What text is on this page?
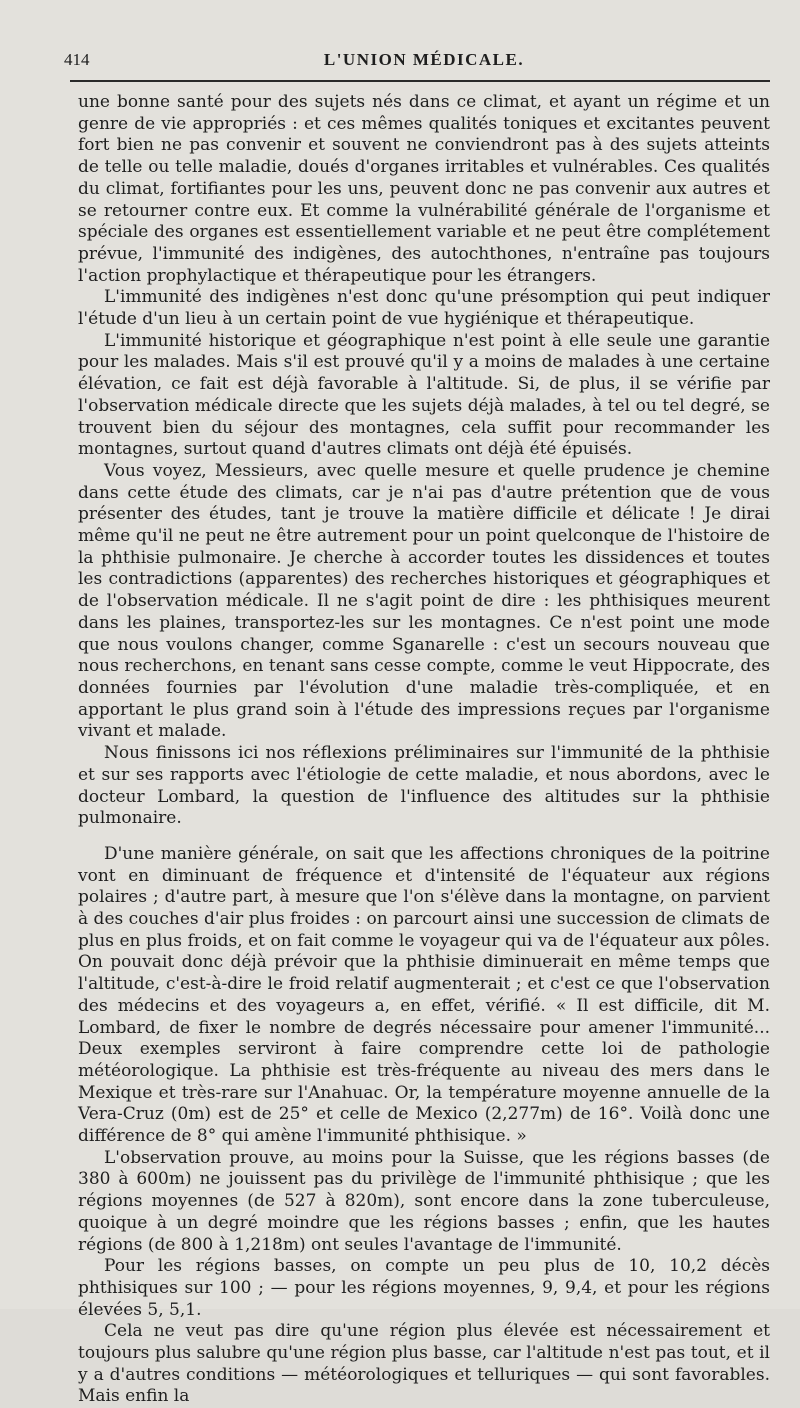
414	L'UNION MÉDICALE.

une bonne santé pour des sujets nés dans ce climat, et ayant un régime et un genre de vie appropriés : et ces mêmes qualités toniques et excitantes peuvent fort bien ne pas convenir et souvent ne conviendront pas à des sujets atteints de telle ou telle maladie, doués d'organes irritables et vulnérables. Ces qualités du climat, fortifiantes pour les uns, peuvent donc ne pas convenir aux autres et se retourner contre eux. Et comme la vulnérabilité générale de l'organisme et spéciale des organes est essentiellement variable et ne peut être complétement prévue, l'immunité des indigènes, des autochthones, n'entraîne pas toujours l'action prophylactique et thérapeutique pour les étrangers.

L'immunité des indigènes n'est donc qu'une présomption qui peut indiquer l'étude d'un lieu à un certain point de vue hygiénique et thérapeutique.

L'immunité historique et géographique n'est point à elle seule une garantie pour les malades. Mais s'il est prouvé qu'il y a moins de malades à une certaine élévation, ce fait est déjà favorable à l'altitude. Si, de plus, il se vérifie par l'observation médicale directe que les sujets déjà malades, à tel ou tel degré, se trouvent bien du séjour des montagnes, cela suffit pour recommander les montagnes, surtout quand d'autres climats ont déjà été épuisés.

Vous voyez, Messieurs, avec quelle mesure et quelle prudence je chemine dans cette étude des climats, car je n'ai pas d'autre prétention que de vous présenter des études, tant je trouve la matière difficile et délicate ! Je dirai même qu'il ne peut ne être autrement pour un point quelconque de l'histoire de la phthisie pulmonaire. Je cherche à accorder toutes les dissidences et toutes les contradictions (apparentes) des recherches historiques et géographiques et de l'observation médicale. Il ne s'agit point de dire : les phthisiques meurent dans les plaines, transportez-les sur les montagnes. Ce n'est point une mode que nous voulons changer, comme Sganarelle : c'est un secours nouveau que nous recherchons, en tenant sans cesse compte, comme le veut Hippocrate, des données fournies par l'évolution d'une maladie très-compliquée, et en apportant le plus grand soin à l'étude des impressions reçues par l'organisme vivant et malade.

Nous finissons ici nos réflexions préliminaires sur l'immunité de la phthisie et sur ses rapports avec l'étiologie de cette maladie, et nous abordons, avec le docteur Lombard, la question de l'influence des altitudes sur la phthisie pulmonaire.

D'une manière générale, on sait que les affections chroniques de la poitrine vont en diminuant de fréquence et d'intensité de l'équateur aux régions polaires ; d'autre part, à mesure que l'on s'élève dans la montagne, on parvient à des couches d'air plus froides : on parcourt ainsi une succession de climats de plus en plus froids, et on fait comme le voyageur qui va de l'équateur aux pôles. On pouvait donc déjà prévoir que la phthisie diminuerait en même temps que l'altitude, c'est-à-dire le froid relatif augmenterait ; et c'est ce que l'observation des médecins et des voyageurs a, en effet, vérifié. « Il est difficile, dit M. Lombard, de fixer le nombre de degrés nécessaire pour amener l'immunité... Deux exemples serviront à faire comprendre cette loi de pathologie météorologique. La phthisie est très-fréquente au niveau des mers dans le Mexique et très-rare sur l'Anahuac. Or, la température moyenne annuelle de la Vera-Cruz (0m) est de 25° et celle de Mexico (2,277m) de 16°. Voilà donc une différence de 8° qui amène l'immunité phthisique. »

L'observation prouve, au moins pour la Suisse, que les régions basses (de 380 à 600m) ne jouissent pas du privilège de l'immunité phthisique ; que les régions moyennes (de 527 à 820m), sont encore dans la zone tuberculeuse, quoique à un degré moindre que les régions basses ; enfin, que les hautes régions (de 800 à 1,218m) ont seules l'avantage de l'immunité.

Pour les régions basses, on compte un peu plus de 10, 10,2 décès phthisiques sur 100 ; — pour les régions moyennes, 9, 9,4, et pour les régions élevées 5, 5,1.

Cela ne veut pas dire qu'une région plus élevée est nécessairement et toujours plus salubre qu'une région plus basse, car l'altitude n'est pas tout, et il y a d'autres conditions — météorologiques et telluriques — qui sont favorables. Mais enfin la
